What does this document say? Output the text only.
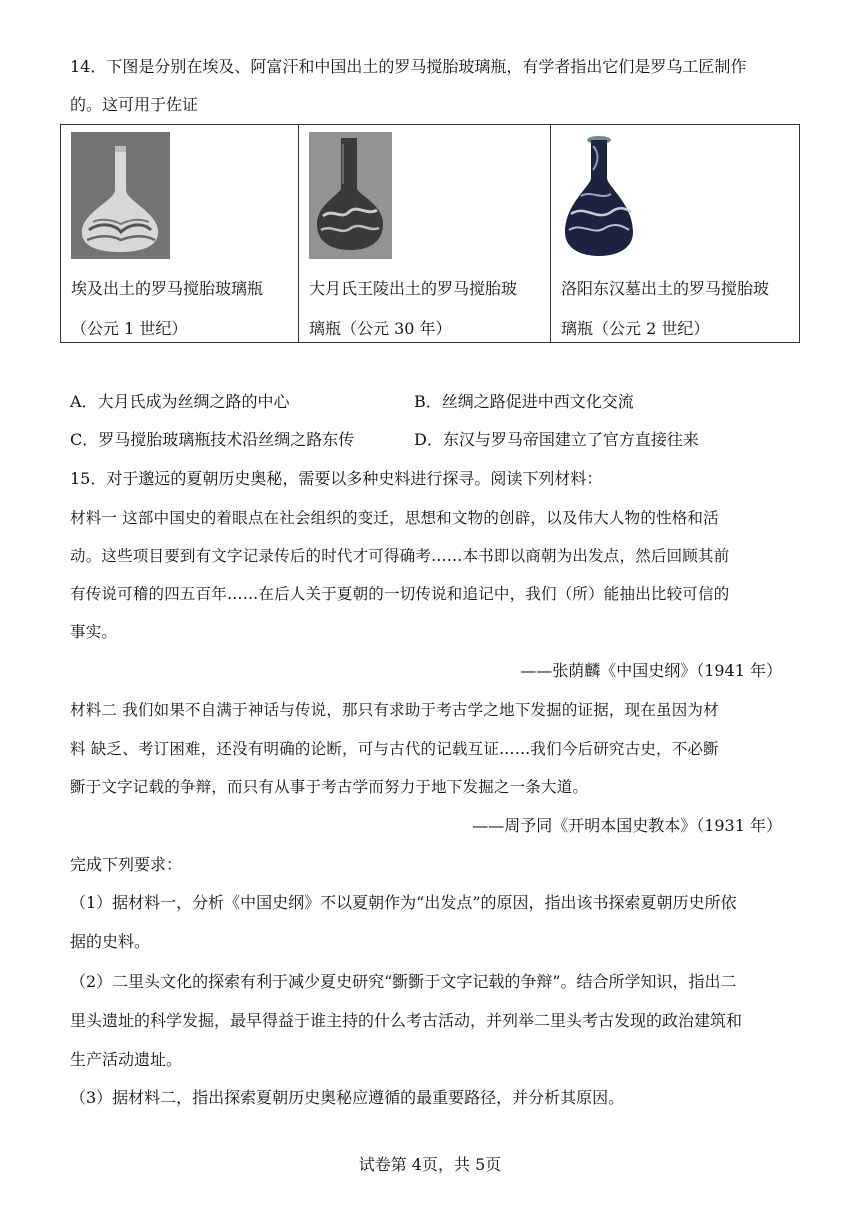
14．下图是分别在埃及、阿富汗和中国出土的罗马搅胎玻璃瓶，有学者指出它们是罗乌工匠制作
的。这可用于佐证
埃及出土的罗马搅胎玻璃瓶
（公元 1 世纪）

大月氏王陵出土的罗马搅胎玻
璃瓶（公元 30 年）

洛阳东汉墓出土的罗马搅胎玻
璃瓶（公元 2 世纪）
A．大月氏成为丝绸之路的中心	B．丝绸之路促进中西文化交流
C．罗马搅胎玻璃瓶技术沿丝绸之路东传	D．东汉与罗马帝国建立了官方直接往来
15．对于邈远的夏朝历史奥秘，需要以多种史料进行探寻。阅读下列材料：
材料一 这部中国史的着眼点在社会组织的变迁，思想和文物的创辟，以及伟大人物的性格和活
动。这些项目要到有文字记录传后的时代才可得确考……本书即以商朝为出发点，然后回顾其前
有传说可稽的四五百年……在后人关于夏朝的一切传说和追记中，我们（所）能抽出比较可信的
事实。
——张荫麟《中国史纲》（1941 年）
材料二 我们如果不自满于神话与传说，那只有求助于考古学之地下发掘的证据，现在虽因为材
料 缺乏、考订困难，还没有明确的论断，可与古代的记载互证……我们今后研究古史，不必斵
斵于文字记载的争辩，而只有从事于考古学而努力于地下发掘之一条大道。
——周予同《开明本国史教本》（1931 年）
完成下列要求：
（1）据材料一，分析《中国史纲》不以夏朝作为“出发点”的原因，指出该书探索夏朝历史所依
据的史料。
（2）二里头文化的探索有利于减少夏史研究“斵斵于文字记载的争辩”。结合所学知识，指出二
里头遗址的科学发掘，最早得益于谁主持的什么考古活动，并列举二里头考古发现的政治建筑和
生产活动遗址。
（3）据材料二，指出探索夏朝历史奥秘应遵循的最重要路径，并分析其原因。
试卷第 4页，共 5页
